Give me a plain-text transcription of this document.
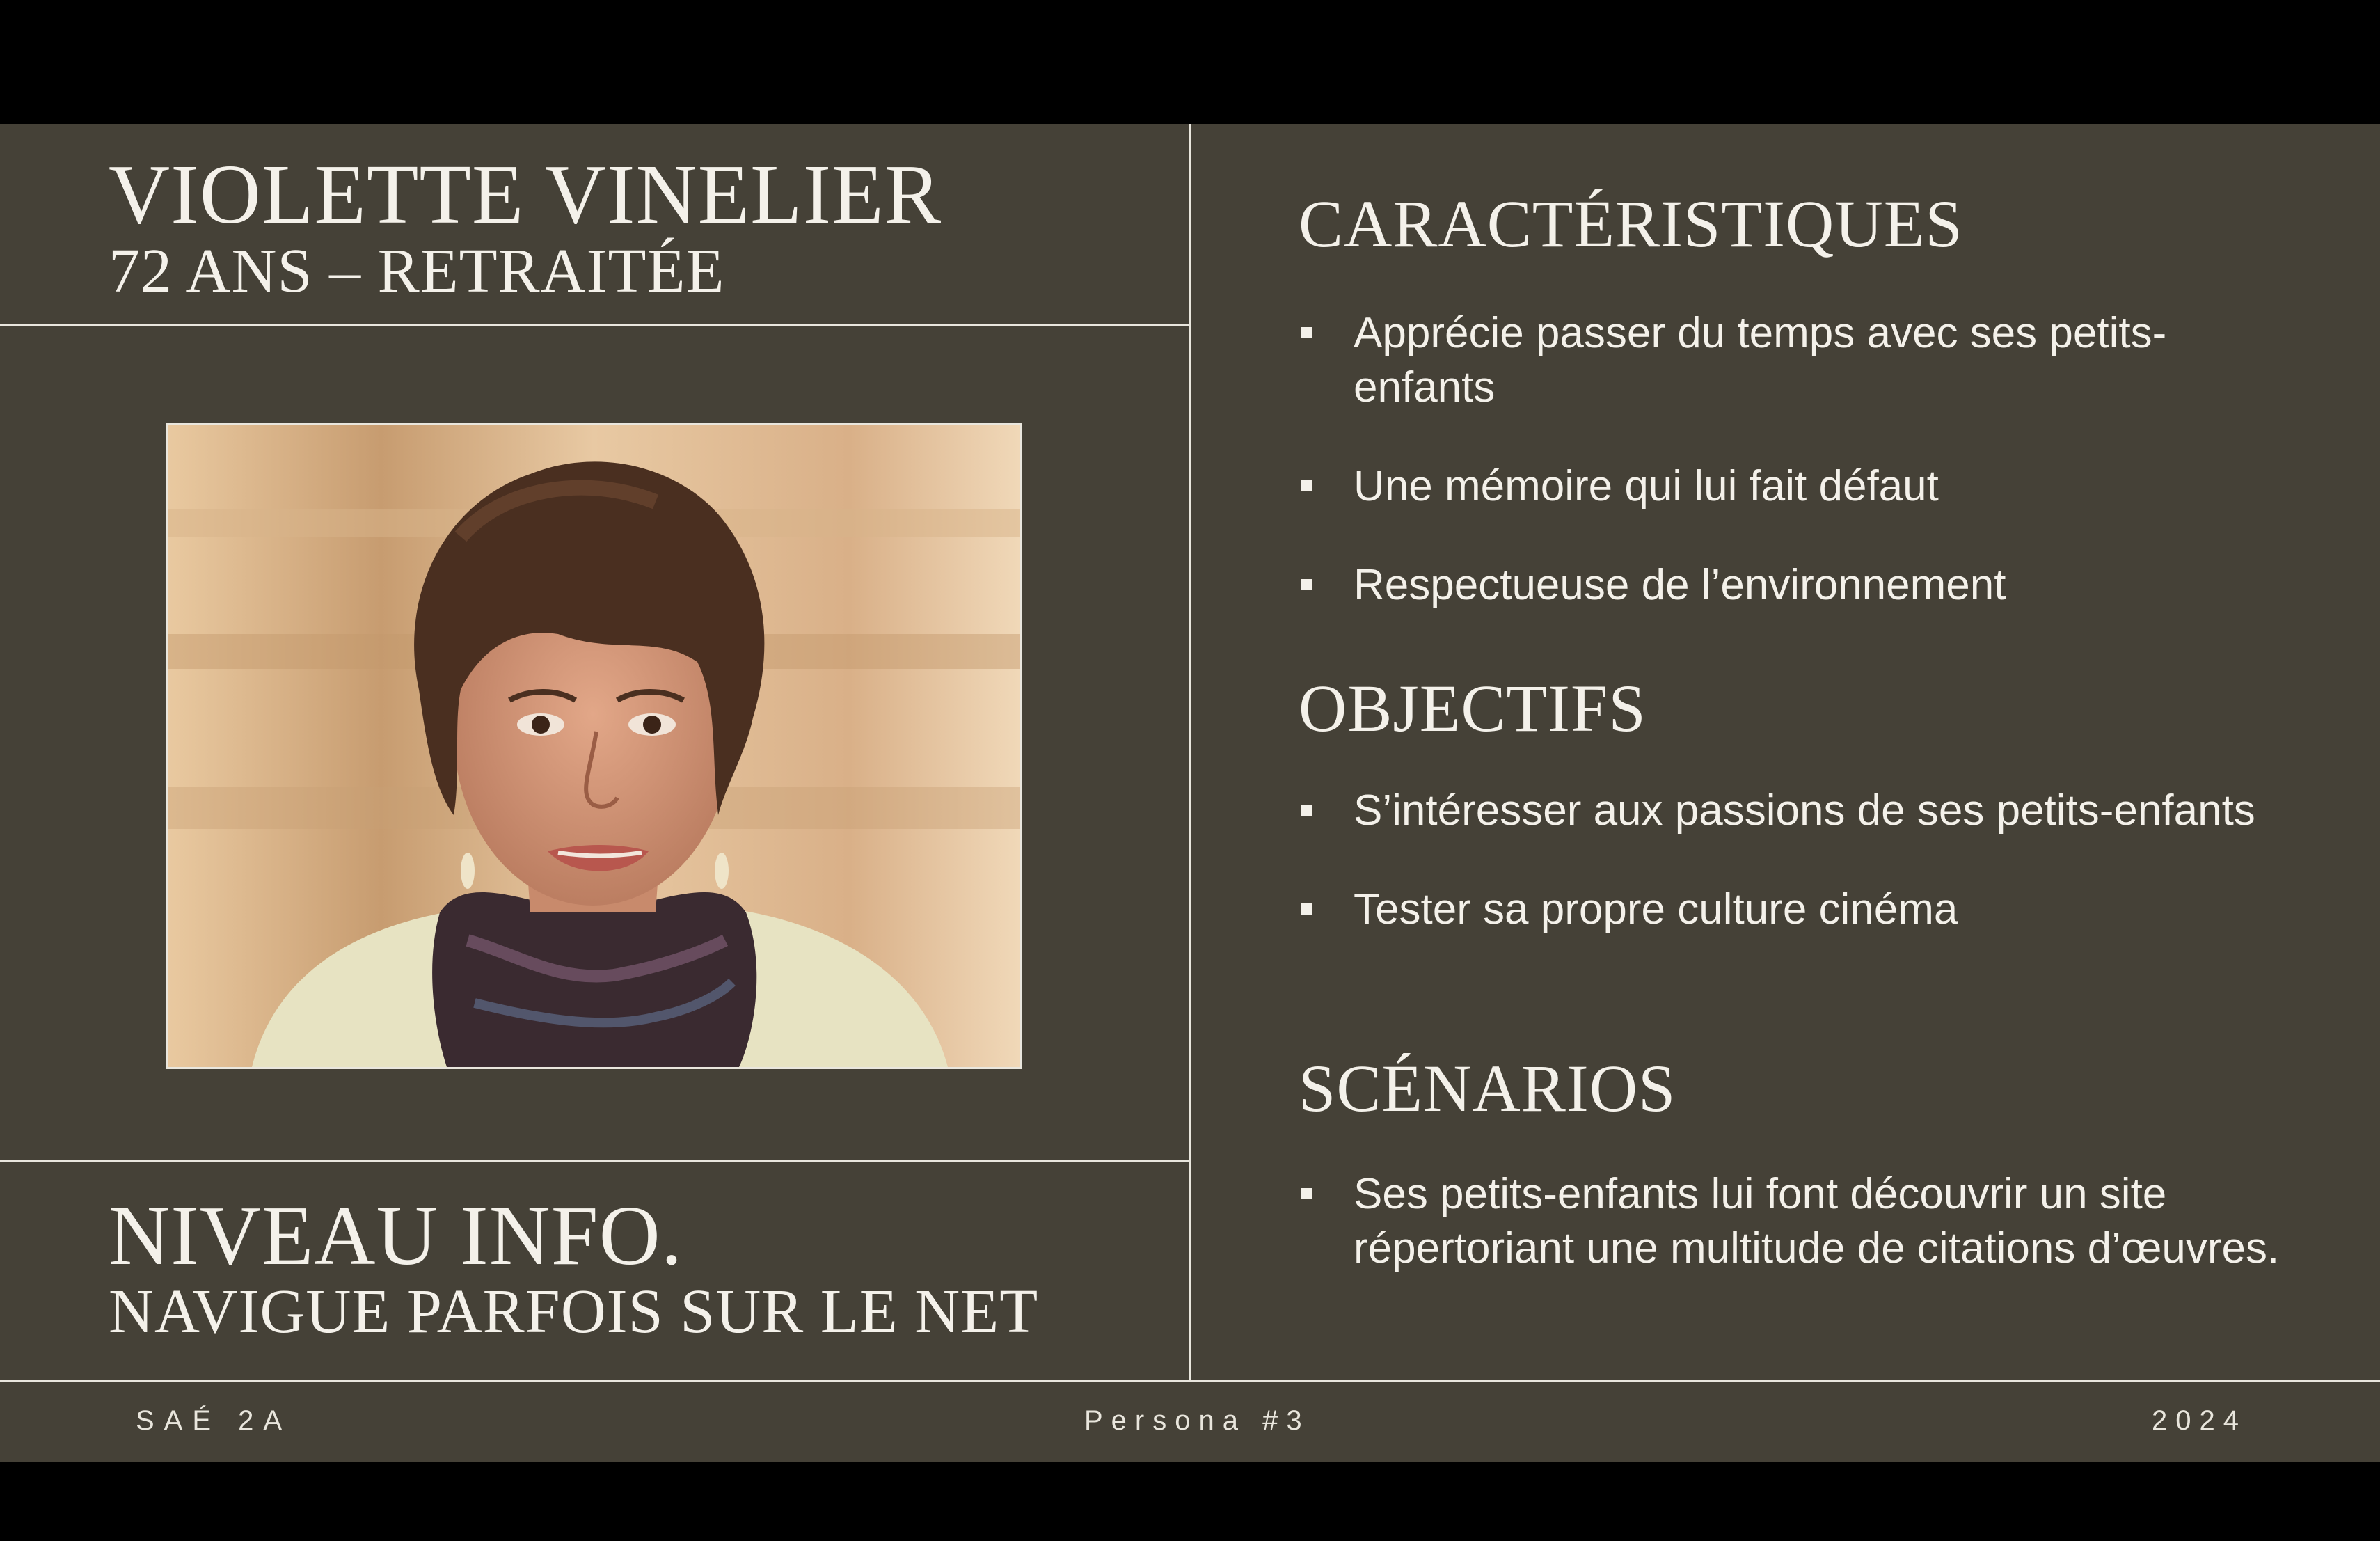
VIOLETTE VINELIER
72 ANS – RETRAITÉE
NIVEAU INFO.
NAVIGUE PARFOIS SUR LE NET
CARACTÉRISTIQUES
Apprécie passer du temps avec ses petits-enfants
Une mémoire qui lui fait défaut
Respectueuse de l’environnement
OBJECTIFS
S’intéresser aux passions de ses petits-enfants
Tester sa propre culture cinéma
SCÉNARIOS
Ses petits-enfants lui font découvrir un site répertoriant une multitude de citations d’œuvres.
SAÉ 2A	Persona #3	2024
